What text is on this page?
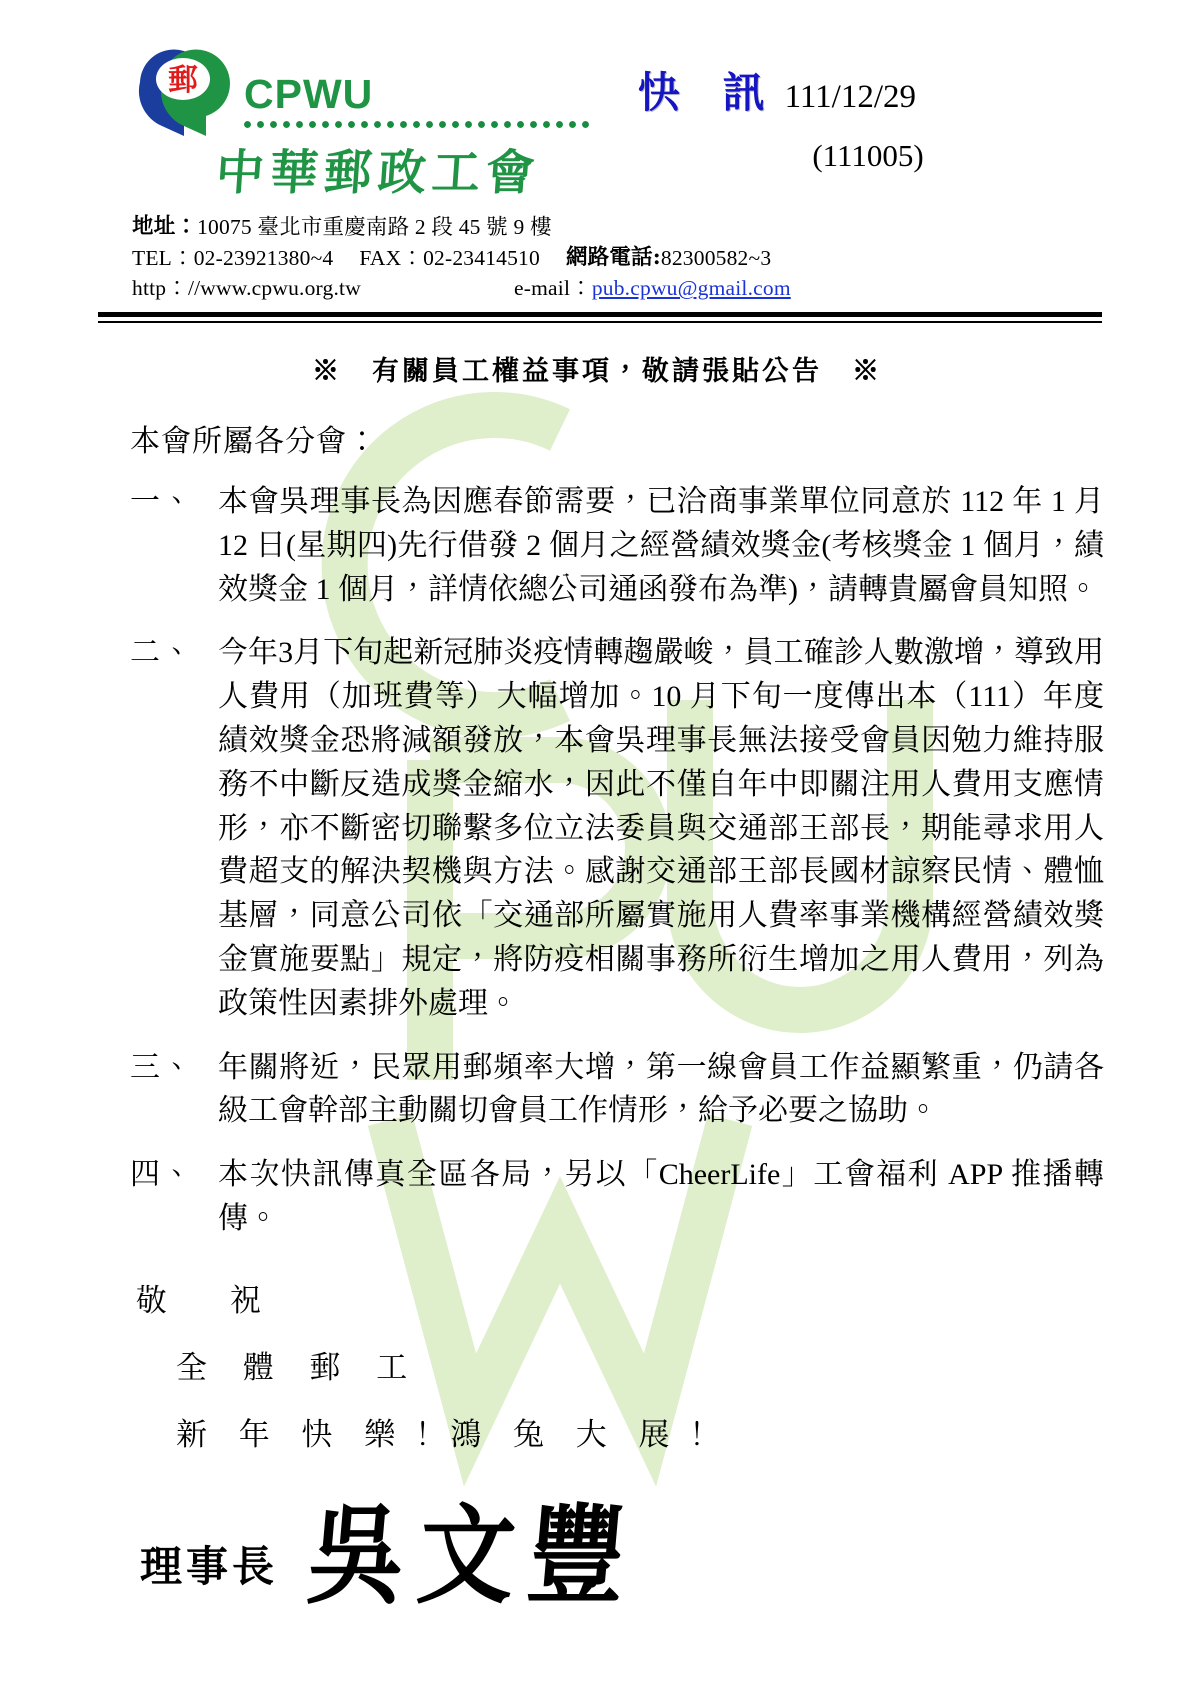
郵 CPWU
中華郵政工會
快 訊 111/12/29
(111005)
地址： 10075 臺北市重慶南路 2 段 45 號 9 樓
TEL： 02-23921380~4 FAX： 02-23414510 網路電話: 82300582~3
http：//www.cpwu.org.tw	e-mail： pub.cpwu@gmail.com
※　有關員工權益事項，敬請張貼公告　※
本會所屬各分會：
一、 本會吳理事長為因應春節需要，已洽商事業單位同意於 112 年 1 月 12 日(星期四)先行借發 2 個月之經營績效獎金(考核獎金 1 個月，績效獎金 1 個月，詳情依總公司通函發布為準)，請轉貴屬會員知照。
二、 今年3月下旬起新冠肺炎疫情轉趨嚴峻，員工確診人數激增，導致用人費用（加班費等）大幅增加。10 月下旬一度傳出本（111）年度績效獎金恐將減額發放，本會吳理事長無法接受會員因勉力維持服務不中斷反造成獎金縮水，因此不僅自年中即關注用人費用支應情形，亦不斷密切聯繫多位立法委員與交通部王部長，期能尋求用人費超支的解決契機與方法。感謝交通部王部長國材諒察民情、體恤基層，同意公司依「交通部所屬實施用人費率事業機構經營績效獎金實施要點」規定，將防疫相關事務所衍生增加之用人費用，列為政策性因素排外處理。
三、 年關將近，民眾用郵頻率大增，第一線會員工作益顯繁重，仍請各級工會幹部主動關切會員工作情形，給予必要之協助。
四、 本次快訊傳真全區各局，另以「CheerLife」工會福利 APP 推播轉傳。
敬　祝
全 體 郵 工
新 年 快 樂！鴻 兔 大 展！
理事長 吳文豐
